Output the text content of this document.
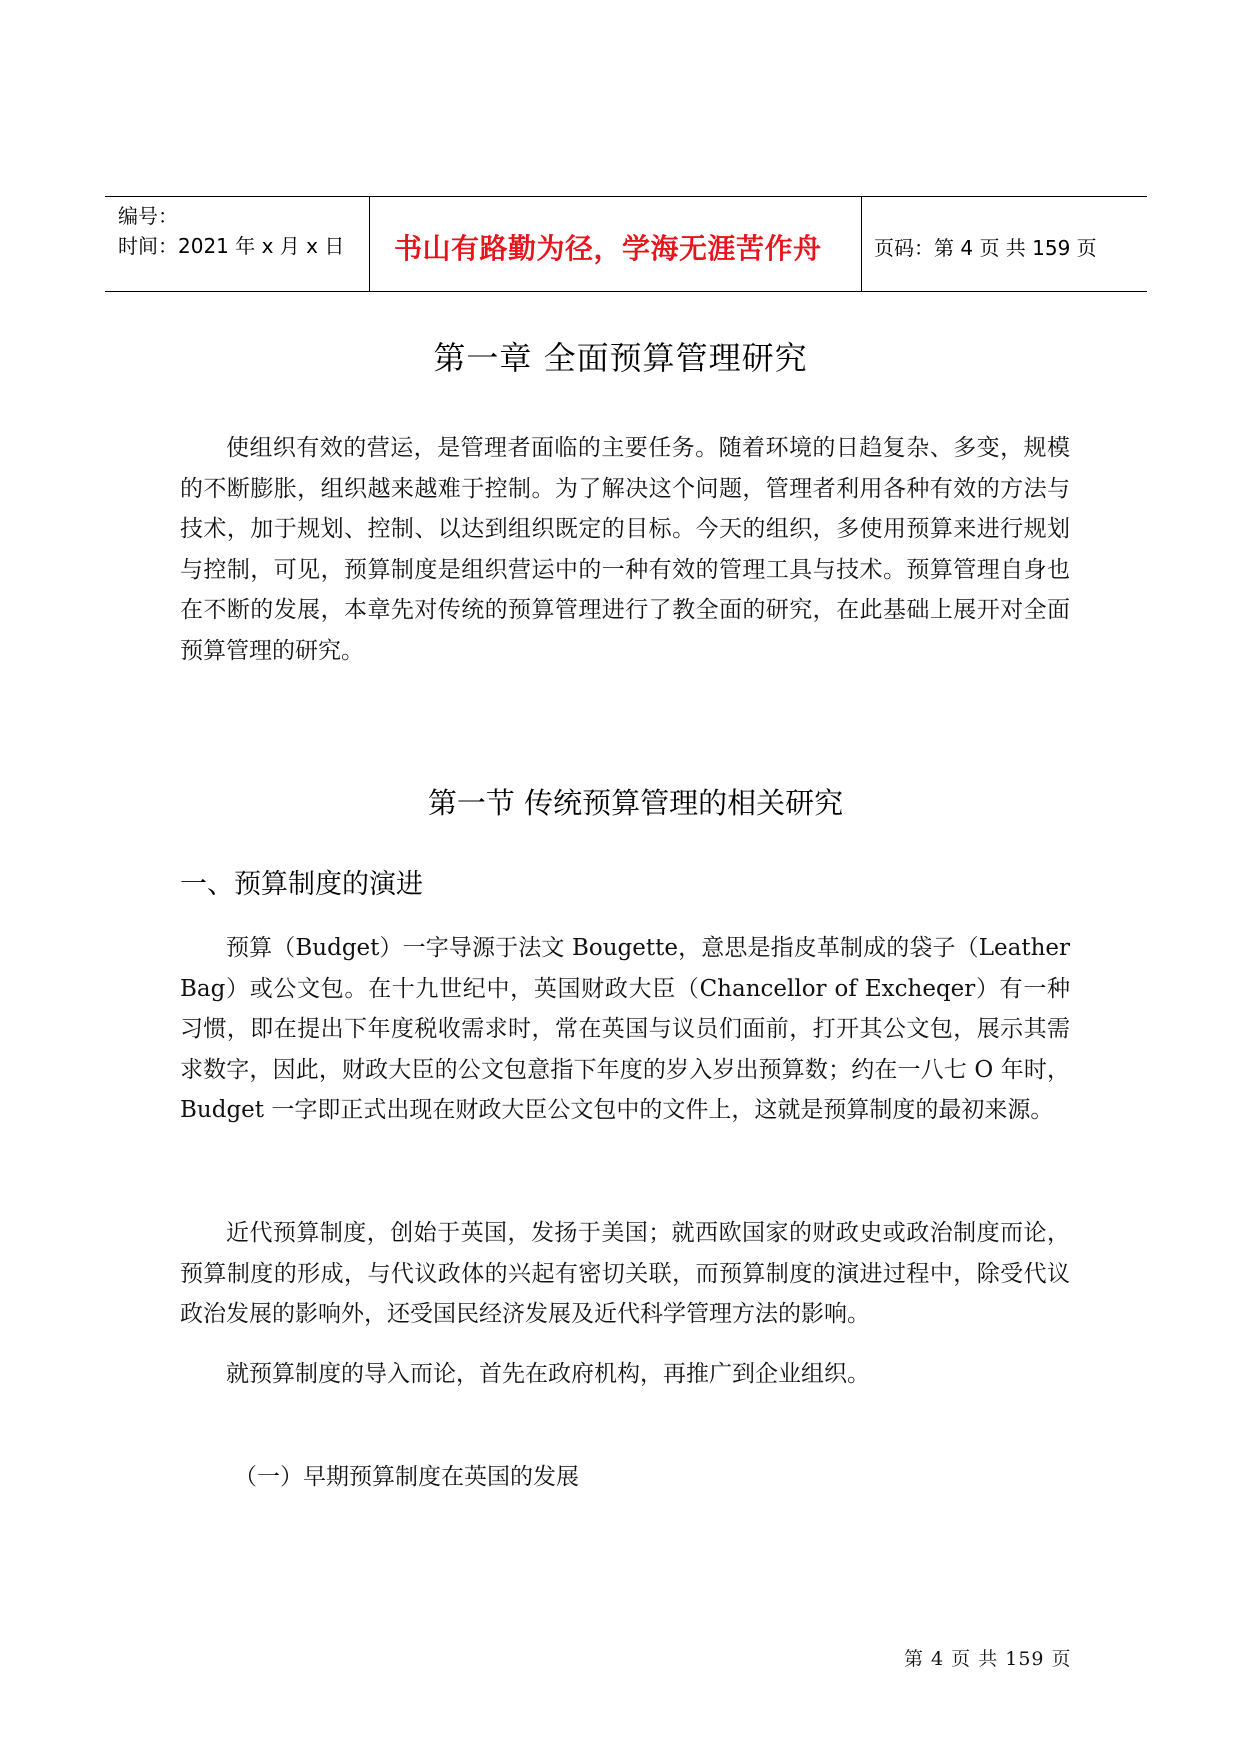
编号：
时间：2021 年 x 月 x 日 书山有路勤为径，学海无涯苦作舟	页码：第 4 页 共 159 页
第一章 全面预算管理研究

使组织有效的营运，是管理者面临的主要任务。随着环境的日趋复杂、多变，规模的不断膨胀，组织越来越难于控制。为了解决这个问题，管理者利用各种有效的方法与技术，加于规划、控制、以达到组织既定的目标。今天的组织，多使用预算来进行规划与控制，可见，预算制度是组织营运中的一种有效的管理工具与技术。预算管理自身也在不断的发展，本章先对传统的预算管理进行了教全面的研究，在此基础上展开对全面预算管理的研究。

第一节 传统预算管理的相关研究
一、预算制度的演进

预算（Budget）一字导源于法文 Bougette，意思是指皮革制成的袋子（Leather Bag）或公文包。在十九世纪中，英国财政大臣（Chancellor of Excheqer）有一种习惯，即在提出下年度税收需求时，常在英国与议员们面前，打开其公文包，展示其需求数字，因此，财政大臣的公文包意指下年度的岁入岁出预算数；约在一八七 O 年时，Budget 一字即正式出现在财政大臣公文包中的文件上，这就是预算制度的最初来源。

近代预算制度，创始于英国，发扬于美国；就西欧国家的财政史或政治制度而论，预算制度的形成，与代议政体的兴起有密切关联，而预算制度的演进过程中，除受代议政治发展的影响外，还受国民经济发展及近代科学管理方法的影响。

就预算制度的导入而论，首先在政府机构，再推广到企业组织。

（一）早期预算制度在英国的发展
第 4 页 共 159 页
